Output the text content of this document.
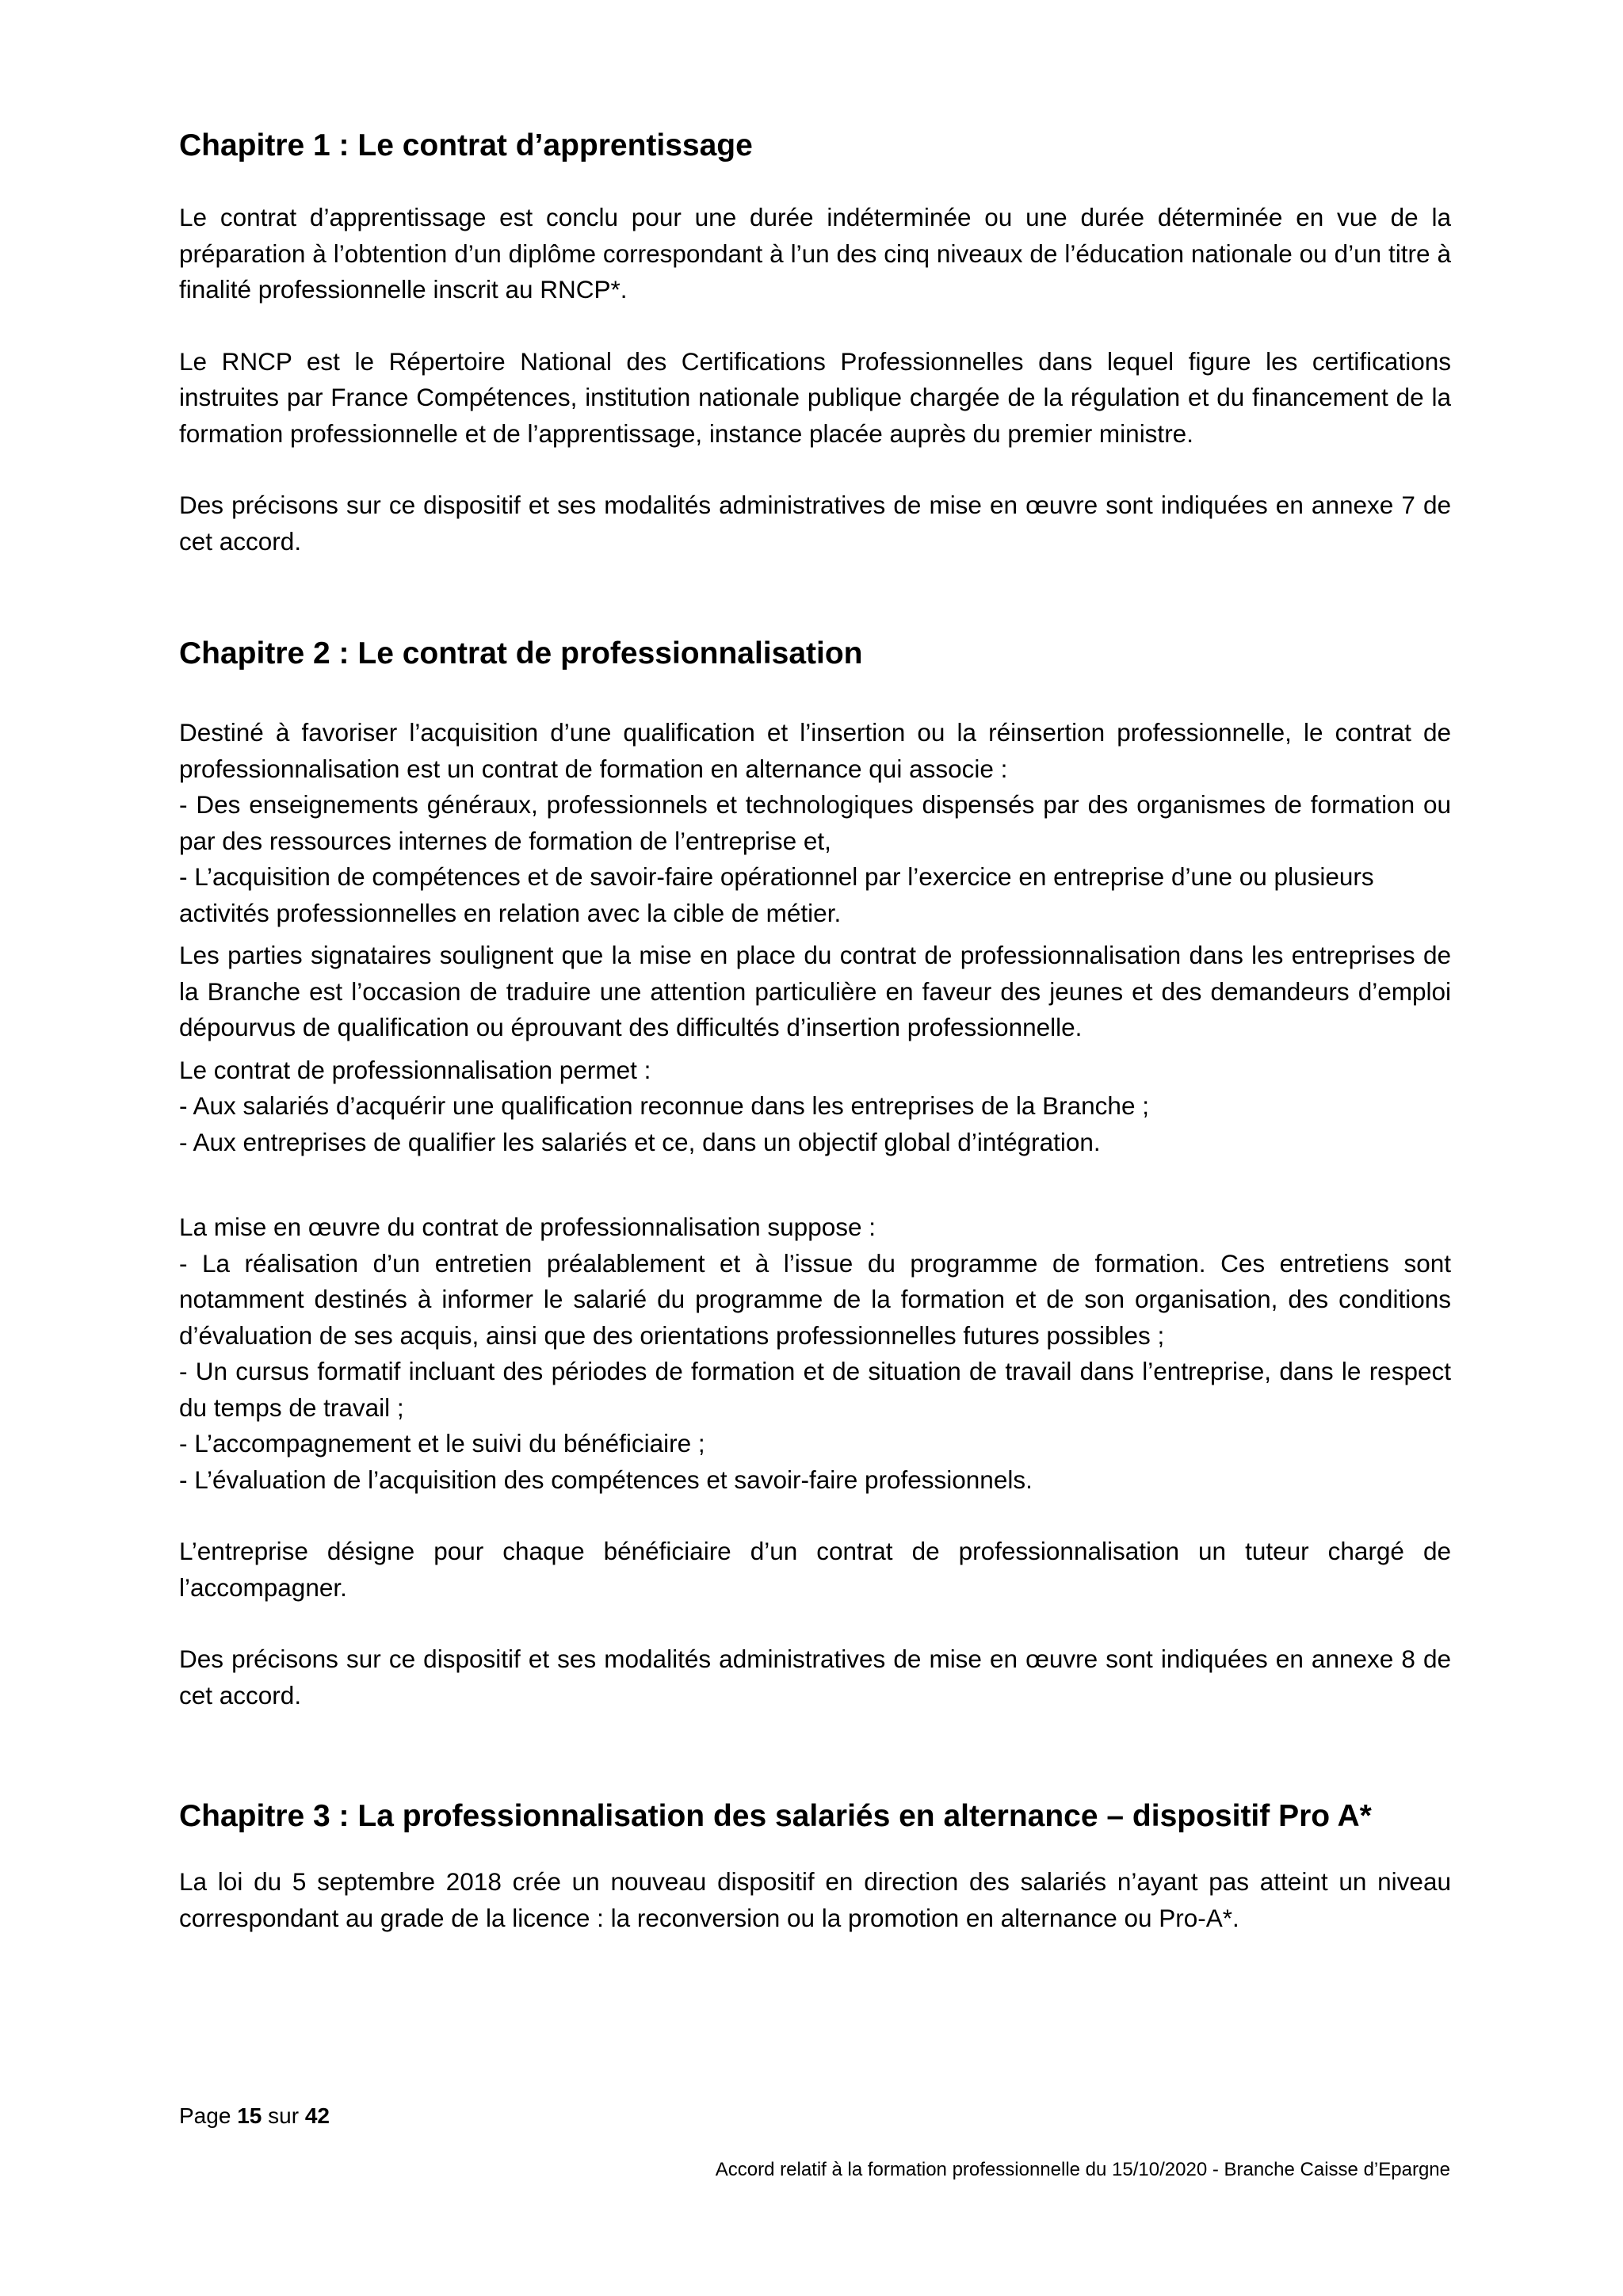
Chapitre 1 : Le contrat d’apprentissage

Le contrat d’apprentissage est conclu pour une durée indéterminée ou une durée déterminée en vue de la préparation à l’obtention d’un diplôme correspondant à l’un des cinq niveaux de l’éducation nationale ou d’un titre à finalité professionnelle inscrit au RNCP*.

Le RNCP est le Répertoire National des Certifications Professionnelles dans lequel figure les certifications instruites par France Compétences, institution nationale publique chargée de la régulation et du financement de la formation professionnelle et de l’apprentissage, instance placée auprès du premier ministre.

Des précisons sur ce dispositif et ses modalités administratives de mise en œuvre sont indiquées en annexe 7 de cet accord.

Chapitre 2 : Le contrat de professionnalisation

Destiné à favoriser l’acquisition d’une qualification et l’insertion ou la réinsertion professionnelle, le contrat de professionnalisation est un contrat de formation en alternance qui associe :

- Des enseignements généraux, professionnels et technologiques dispensés par des organismes de formation ou par des ressources internes de formation de l’entreprise et,

- L’acquisition de compétences et de savoir-faire opérationnel par l’exercice en entreprise d’une ou plusieurs activités professionnelles en relation avec la cible de métier.

Les parties signataires soulignent que la mise en place du contrat de professionnalisation dans les entreprises de la Branche est l’occasion de traduire une attention particulière en faveur des jeunes et des demandeurs d’emploi dépourvus de qualification ou éprouvant des difficultés d’insertion professionnelle.

Le contrat de professionnalisation permet :

- Aux salariés d’acquérir une qualification reconnue dans les entreprises de la Branche ;

- Aux entreprises de qualifier les salariés et ce, dans un objectif global d’intégration.

La mise en œuvre du contrat de professionnalisation suppose :

- La réalisation d’un entretien préalablement et à l’issue du programme de formation. Ces entretiens sont notamment destinés à informer le salarié du programme de la formation et de son organisation, des conditions d’évaluation de ses acquis, ainsi que des orientations professionnelles futures possibles ;

- Un cursus formatif incluant des périodes de formation et de situation de travail dans l’entreprise, dans le respect du temps de travail ;

- L’accompagnement et le suivi du bénéficiaire ;

- L’évaluation de l’acquisition des compétences et savoir-faire professionnels.

L’entreprise désigne pour chaque bénéficiaire d’un contrat de professionnalisation un tuteur chargé de l’accompagner.

Des précisons sur ce dispositif et ses modalités administratives de mise en œuvre sont indiquées en annexe 8 de cet accord.

Chapitre 3 : La professionnalisation des salariés en alternance – dispositif Pro A*

La loi du 5 septembre 2018 crée un nouveau dispositif en direction des salariés n’ayant pas atteint un niveau correspondant au grade de la licence : la reconversion ou la promotion en alternance ou Pro-A*.

Page 15 sur 42
Accord relatif à la formation professionnelle du 15/10/2020 - Branche Caisse d’Epargne
